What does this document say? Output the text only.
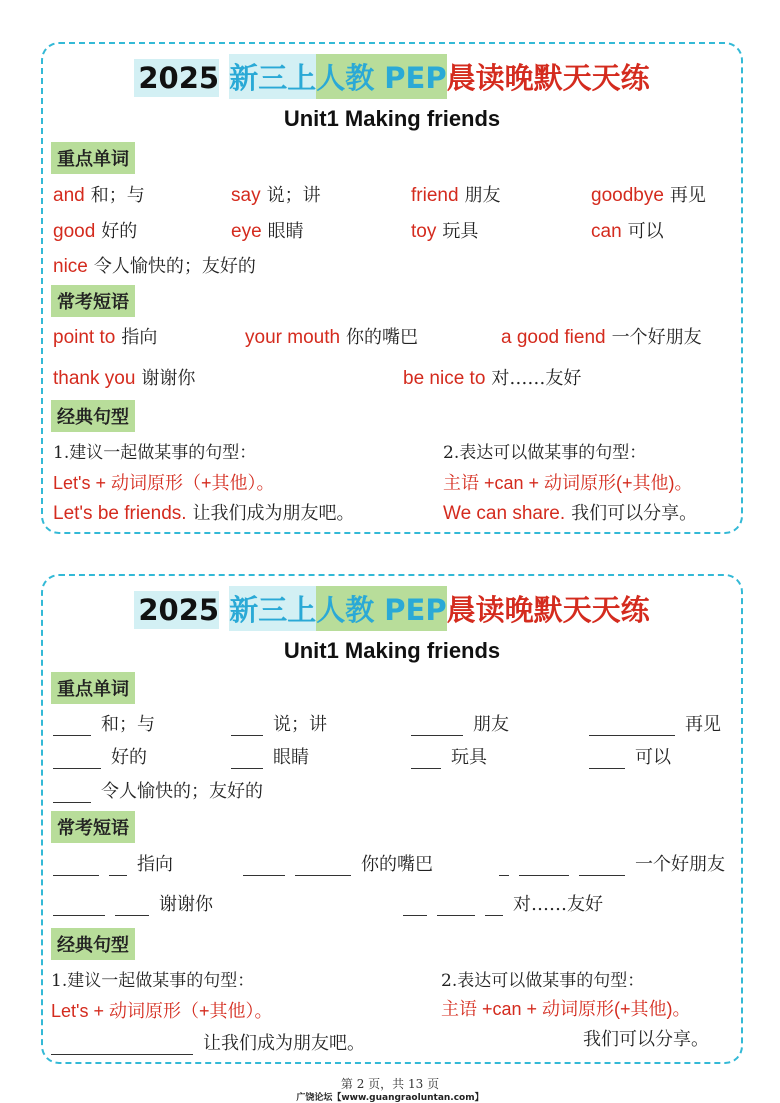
2025 新三上人教 PEP晨读晚默天天练
Unit1 Making friends
重点单词
and 和；与	say 说；讲	friend 朋友	goodbye 再见
good 好的	eye 眼睛	toy 玩具	can 可以
nice 令人愉快的；友好的
常考短语
point to 指向	your mouth 你的嘴巴	a good fiend 一个好朋友
thank you 谢谢你	be nice to 对……友好
经典句型
1.建议一起做某事的句型：	2.表达可以做某事的句型：
Let's + 动词原形（+其他）。	主语 +can + 动词原形(+其他)。
Let's be friends. 让我们成为朋友吧。	We can share. 我们可以分享。
2025 新三上人教 PEP晨读晚默天天练
Unit1 Making friends
重点单词
和；与	说；讲	朋友	再见
好的	眼睛	玩具	可以
令人愉快的；友好的
常考短语
指向	你的嘴巴	一个好朋友
谢谢你	对……友好
经典句型
1.建议一起做某事的句型：	2.表达可以做某事的句型：
Let's + 动词原形（+其他）。	主语 +can + 动词原形(+其他)。
让我们成为朋友吧。	我们可以分享。
第 2 页，共 13 页
广饶论坛【www.guangraoluntan.com】
